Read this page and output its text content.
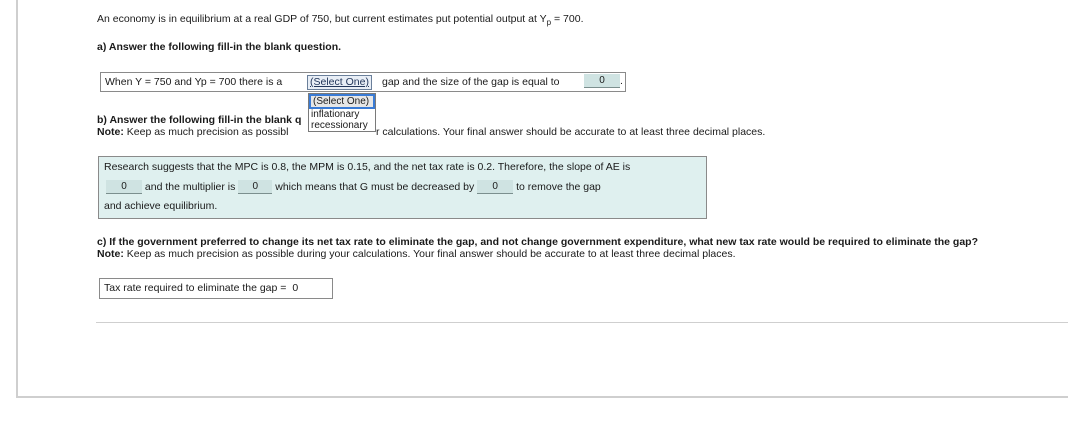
An economy is in equilibrium at a real GDP of 750, but current estimates put potential output at $Y_p = 700$.
a) Answer the following fill-in the blank question.
When Y = 750 and Yp = 700 there is a	(Select One) gap and the size of the gap is equal to	0 .
b) Answer the following fill-in the blank q
Note: Keep as much precision as possibl	r calculations. Your final answer should be accurate to at least three decimal places.
(Select One)
inflationary
recessionary
Research suggests that the MPC is 0.8, the MPM is 0.15, and the net tax rate is 0.2. Therefore, the slope of AE is
0 and the multiplier is 0 which means that G must be decreased by 0 to remove the gap
and achieve equilibrium.
c) If the government preferred to change its net tax rate to eliminate the gap, and not change government expenditure, what new tax rate would be required to eliminate the gap?
Note: Keep as much precision as possible during your calculations. Your final answer should be accurate to at least three decimal places.
Tax rate required to eliminate the gap = 0
